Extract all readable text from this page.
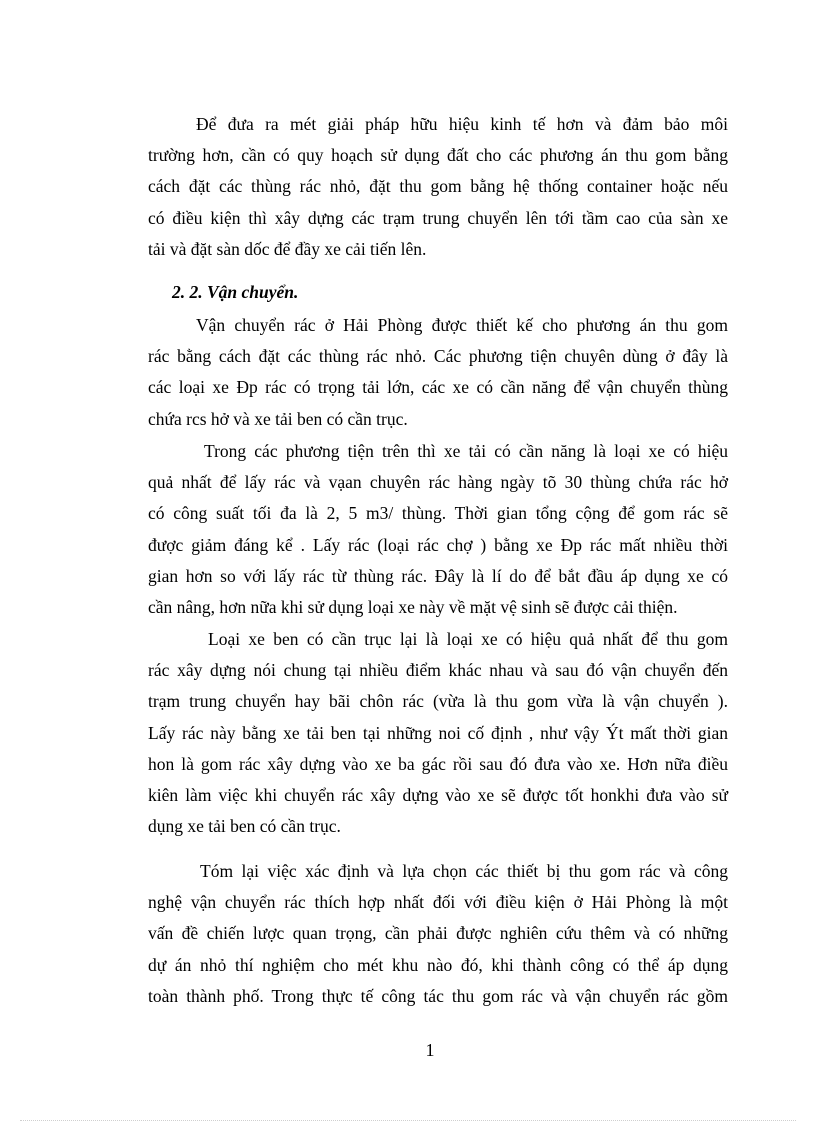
Để đưa ra mét giải pháp hữu hiệu kinh tế hơn và đảm bảo môi
trường hơn, cần có quy hoạch sử dụng đất cho các phương án thu gom bằng
cách đặt các thùng rác nhỏ, đặt thu gom bằng hệ thống container hoặc nếu
có điều kiện thì xây dựng các trạm trung chuyển lên tới tầm cao của sàn xe
tải và đặt sàn dốc để đầy xe cải tiến lên.
2. 2. Vận chuyển.
Vận chuyển rác ở Hải Phòng được thiết kế cho phương án thu gom
rác bằng cách đặt các thùng rác nhỏ. Các phương tiện chuyên dùng ở đây là
các loại xe Đp rác có trọng tải lớn, các xe có cần năng để vận chuyển thùng
chứa rcs hở và xe tải ben có cần trục.
Trong các phương tiện trên thì xe tải có cần năng là loại xe có hiệu
quả nhất để lấy rác và vạan chuyên rác hàng ngày tõ 30 thùng chứa rác hở
có công suất tối đa là 2, 5 m3/ thùng. Thời gian tổng cộng để gom rác sẽ
được giảm đáng kể . Lấy rác (loại rác chợ ) bằng xe Đp rác mất nhiều thời
gian hơn so với lấy rác từ thùng rác. Đây là lí do để bắt đầu áp dụng xe có
cần nâng, hơn nữa khi sử dụng loại xe này về mặt vệ sinh sẽ được cải thiện.
Loại xe ben có cần trục lại là loại xe có hiệu quả nhất để thu gom
rác xây dựng nói chung tại nhiều điểm khác nhau và sau đó vận chuyển đến
trạm trung chuyển hay bãi chôn rác (vừa là thu gom vừa là vận chuyển ).
Lấy rác này bằng xe tải ben tại những noi cố định , như vậy Ýt mất thời gian
hon là gom rác xây dựng vào xe ba gác rồi sau đó đưa vào xe. Hơn nữa điều
kiên làm việc khi chuyển rác xây dựng vào xe sẽ được tốt honkhi đưa vào sử
dụng xe tải ben có cần trục.
Tóm lại việc xác định và lựa chọn các thiết bị thu gom rác và công
nghệ vận chuyển rác thích hợp nhất đối với điều kiện ở Hải Phòng là một
vấn đề chiến lược quan trọng, cần phải được nghiên cứu thêm và có những
dự án nhỏ thí nghiệm cho mét khu nào đó, khi thành công có thể áp dụng
toàn thành phố. Trong thực tế công tác thu gom rác và vận chuyển rác gồm
1
